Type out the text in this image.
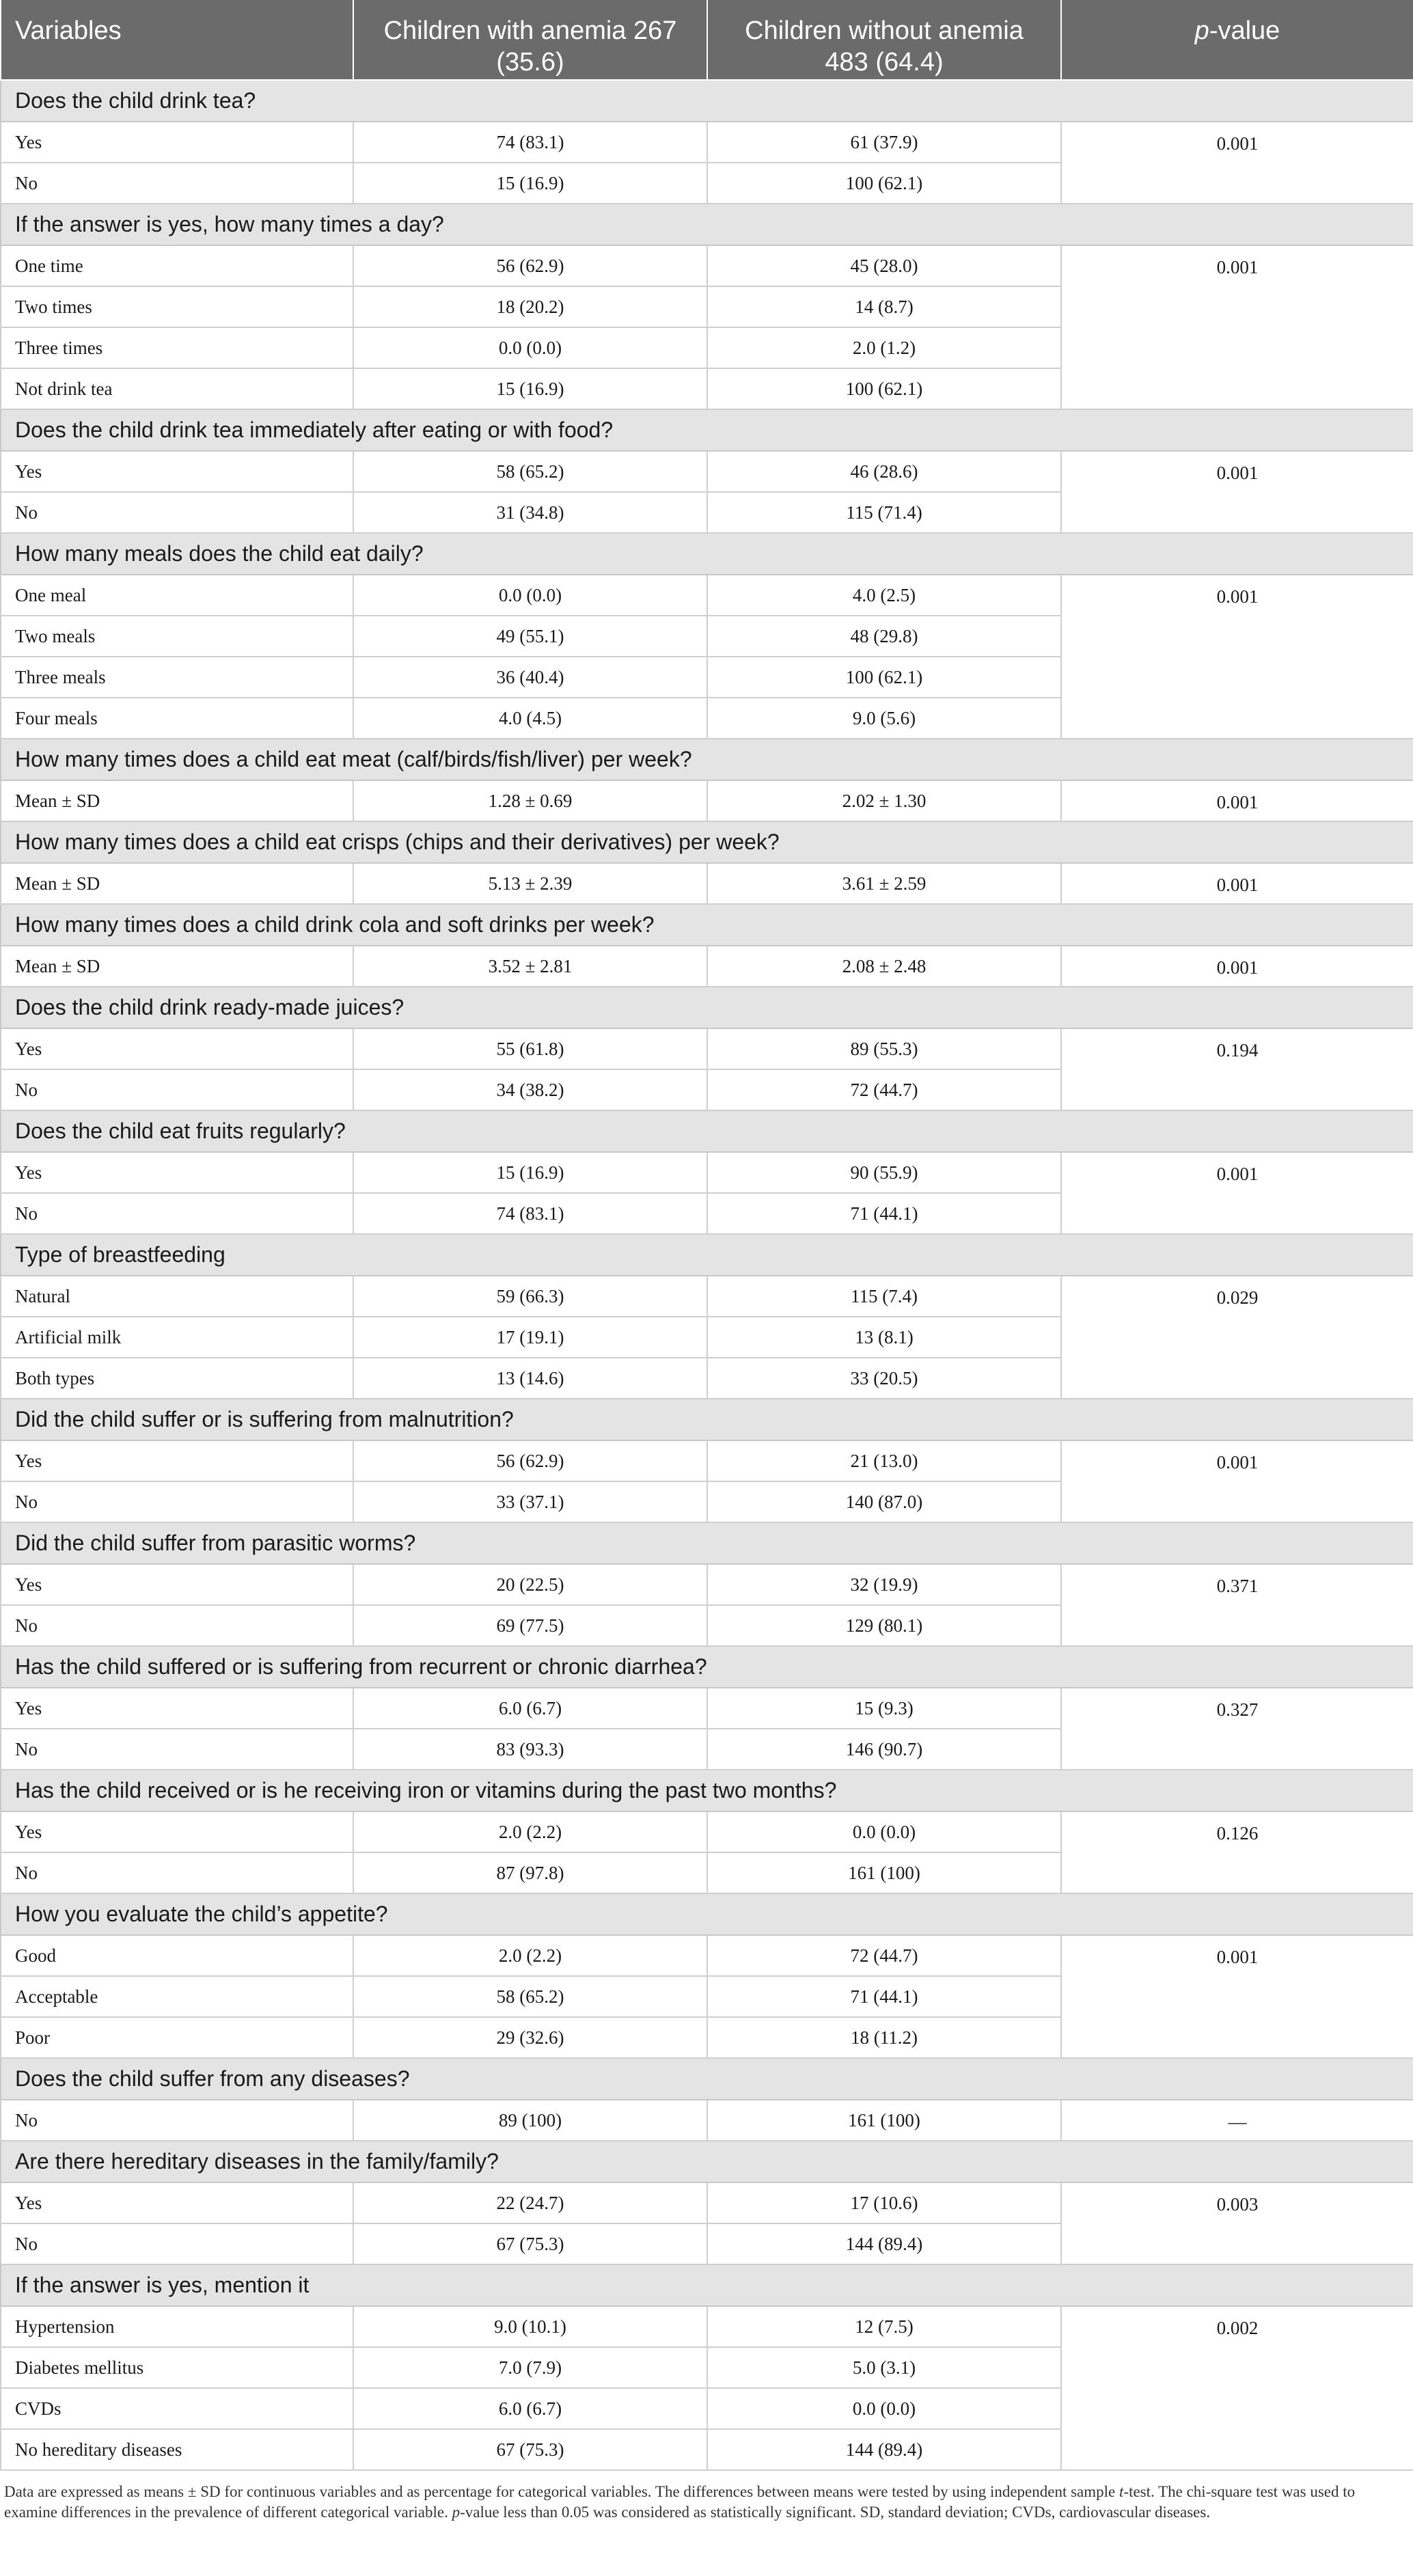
Variables	Children with anemia 267 (35.6)	Children without anemia 483 (64.4)	p-value
Does the child drink tea?			
Yes	74 (83.1)	61 (37.9)	0.001
No	15 (16.9)	100 (62.1)	
If the answer is yes, how many times a day?			
One time	56 (62.9)	45 (28.0)	0.001
Two times	18 (20.2)	14 (8.7)	
Three times	0.0 (0.0)	2.0 (1.2)	
Not drink tea	15 (16.9)	100 (62.1)	
Does the child drink tea immediately after eating or with food?			
Yes	58 (65.2)	46 (28.6)	0.001
No	31 (34.8)	115 (71.4)	
How many meals does the child eat daily?			
One meal	0.0 (0.0)	4.0 (2.5)	0.001
Two meals	49 (55.1)	48 (29.8)	
Three meals	36 (40.4)	100 (62.1)	
Four meals	4.0 (4.5)	9.0 (5.6)	
How many times does a child eat meat (calf/birds/fish/liver) per week?			
Mean ± SD	1.28 ± 0.69	2.02 ± 1.30	0.001
How many times does a child eat crisps (chips and their derivatives) per week?			
Mean ± SD	5.13 ± 2.39	3.61 ± 2.59	0.001
How many times does a child drink cola and soft drinks per week?			
Mean ± SD	3.52 ± 2.81	2.08 ± 2.48	0.001
Does the child drink ready-made juices?			
Yes	55 (61.8)	89 (55.3)	0.194
No	34 (38.2)	72 (44.7)	
Does the child eat fruits regularly?			
Yes	15 (16.9)	90 (55.9)	0.001
No	74 (83.1)	71 (44.1)	
Type of breastfeeding			
Natural	59 (66.3)	115 (7.4)	0.029
Artificial milk	17 (19.1)	13 (8.1)	
Both types	13 (14.6)	33 (20.5)	
Did the child suffer or is suffering from malnutrition?			
Yes	56 (62.9)	21 (13.0)	0.001
No	33 (37.1)	140 (87.0)	
Did the child suffer from parasitic worms?			
Yes	20 (22.5)	32 (19.9)	0.371
No	69 (77.5)	129 (80.1)	
Has the child suffered or is suffering from recurrent or chronic diarrhea?			
Yes	6.0 (6.7)	15 (9.3)	0.327
No	83 (93.3)	146 (90.7)	
Has the child received or is he receiving iron or vitamins during the past two months?			
Yes	2.0 (2.2)	0.0 (0.0)	0.126
No	87 (97.8)	161 (100)	
How you evaluate the child’s appetite?			
Good	2.0 (2.2)	72 (44.7)	0.001
Acceptable	58 (65.2)	71 (44.1)	
Poor	29 (32.6)	18 (11.2)	
Does the child suffer from any diseases?			
No	89 (100)	161 (100)	—
Are there hereditary diseases in the family/family?			
Yes	22 (24.7)	17 (10.6)	0.003
No	67 (75.3)	144 (89.4)	
If the answer is yes, mention it			
Hypertension	9.0 (10.1)	12 (7.5)	0.002
Diabetes mellitus	7.0 (7.9)	5.0 (3.1)	
CVDs	6.0 (6.7)	0.0 (0.0)	
No hereditary diseases	67 (75.3)	144 (89.4)	

Data are expressed as means ± SD for continuous variables and as percentage for categorical variables. The differences between means were tested by using independent sample t-test. The chi-square test was used to examine differences in the prevalence of different categorical variable. p-value less than 0.05 was considered as statistically significant. SD, standard deviation; CVDs, cardiovascular diseases.
